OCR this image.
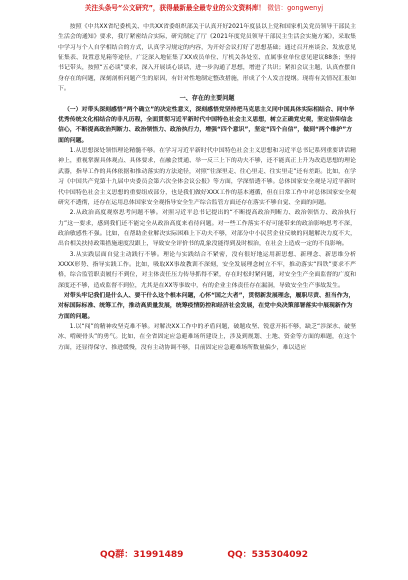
关注头条号“公文研究”，获得最新最全最专业的公文资料库！ 微信：gongwenyj
按照《中共XX省纪委机关、中共XX省委组织部关于认真开好2021年度县以上党和国家机关党员领导干部民主生活会的通知》要求，我厅紧密结合实际，研究制定了厅《2021年度党员领导干部民主生活会实施方案》，采取集中学习与个人自学相结合的方式，认真学习规定的内容，为开好会议打好了思想基础；通过召开座谈会、发放意见征集表、设置意见箱等途径，广泛深入地征集了XX成员单位、厅机关各处室、直属事业单位意见建议88条；坚持书记带头，按照“五必谈”要求，深入开展谈心谈话，进一步沟通了思想，增进了共识；紧扣会议主题，认真查摆自身存在的问题，深刻剖析问题产生的原因，有针对性地制定整改措施，形成了个人发言提纲。现将有关情况汇报如下。
一、存在的主要问题
（一）对带头深刻感悟“两个确立”的决定性意义，深刻感悟党坚持把马克思主义同中国具体实际相结合、同中华优秀传统文化相结合的非凡历程，全面贯彻习近平新时代中国特色社会主义思想，树立正确党史观，坚定信仰信念信心，不断提高政治判断力、政治领悟力、政治执行力，增强“四个意识”，坚定“四个自信”，做到“两个维护”方面的问题。
1.从思想深处领悟理论精髓不够。在学习习近平新时代中国特色社会主义思想和习近平总书记系列重要讲话精神上，重视掌握具体观点、具体要求，在融会贯通、举一反三上下的功夫不够，还不能真正上升为改造思想的理论武器，指导工作的具体依据和推动落实的方法途径，对照“往深里走、往心里走、往实里走”还有差距。比如，在学习《中国共产党第十九届中央委员会第六次全体会议公报》等方面，学深悟透不够。总体国家安全观是习近平新时代中国特色社会主义思想的重要组成部分，也是我们做好XXX工作的基本遵循，但在日常工作中对总体国家安全观研究不透彻，还存在运用总体国家安全观指导安全生产综合监管方面还存在落实不够自觉、全面的问题。
2.从政治高度观察思考问题不够。对照习近平总书记提出的“不断提高政治判断力、政治领悟力、政治执行力”这一要求，感到我们还不能完全从政治高度来看待问题。对一些工作落实不好可能带来的政治影响思考不深，政治敏感性不强。比如，在帮助企业解决实际困难上下功夫不够，对部分中小民营企业反映的问题解决力度不大，出台相关扶持政策措施速度没跟上，导致安全评价书的乱象没能得到及时根治，在社会上造成一定的不良影响。
3.从实践层面自觉主动践行不够。理论与实践结合不紧密，没有很好地运用新思想、新理念、新思维分析XXXX形势、指导实践工作。比如，吸取XX事故教训不深刻，安全发展理念树立不牢，推动落实“四铁”要求不严格，综合监管职责履行不到位，对主体责任压力传导抓得不紧，存在时松时紧问题，对安全生产全面监督的广度和深度还不够，造成监督不到位，尤其是在XX等事故中，有的企业主体责任存在漏洞，导致安全生产事故发生。
对带头牢记我们是什么人、要干什么这个根本问题，心怀“国之大者”，贯彻新发展理念，履职尽责、担当作为，对标国际标准、统筹工作，推动高质量发展，统筹疫情防控和经济社会发展，在党中央决策部署落实中展现新作为方面的问题。
1.以“闯”的精神攻坚克难不够。对解决XX工作中的矛盾问题，破题攻坚、锐意开拓不够，缺乏“涉深水、破坚冰、啃硬骨头”的勇气。比如，在全省固定应急避难场所建设上，涉及到规划、土地、资金等方面的难题，在这个方面，还显得保守、推进缓慢，没有主动协调不够，目前固定应急避难场所数量偏少，难以适应
QQ群：31991489	QQ：535304092
